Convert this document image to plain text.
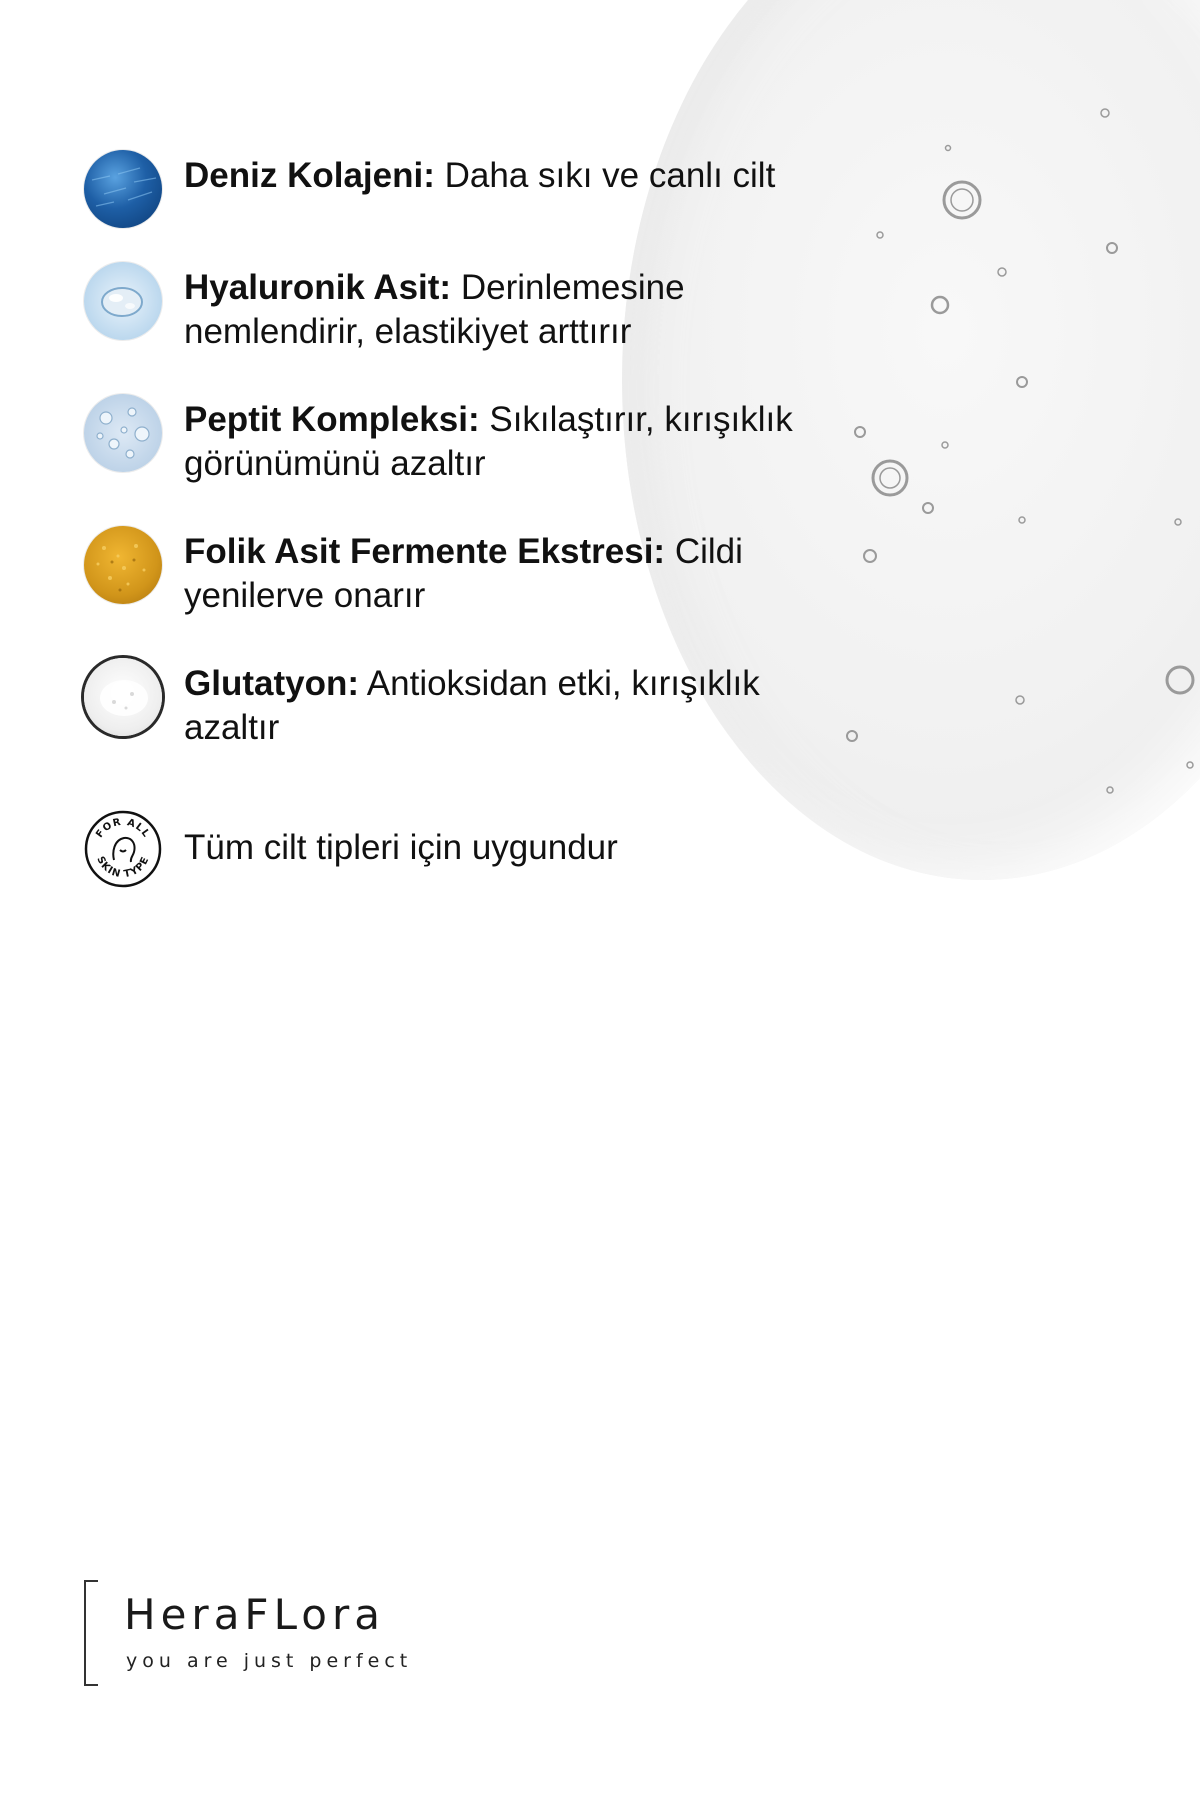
Deniz Kolajeni: Daha sıkı ve canlı cilt
Hyaluronik Asit: Derinlemesine nemlendirir, elastikiyet arttırır
Peptit Kompleksi: Sıkılaştırır, kırışıklık görünümünü azaltır
Folik Asit Fermente Ekstresi: Cildi yenilerve onarır
Glutatyon: Antioksidan etki, kırışıklık azaltır
FOR ALL
SKIN TYPE Tüm cilt tipleri için uygundur
HeraFLora
you are just perfect
